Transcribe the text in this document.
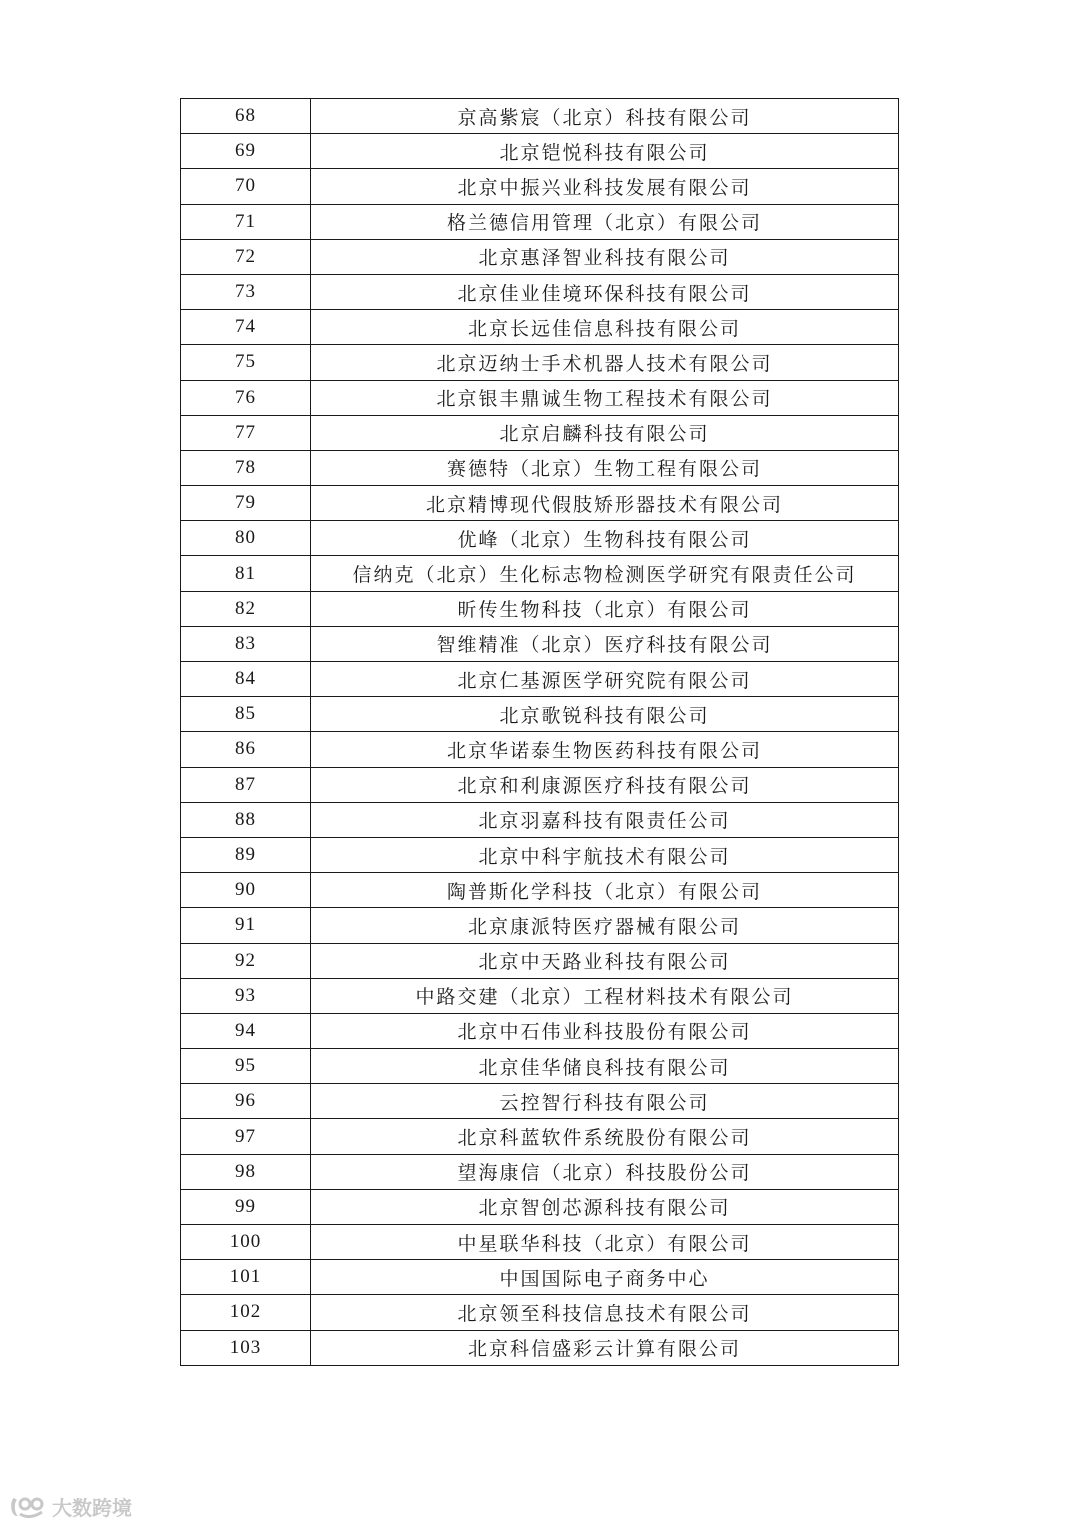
68	京高紫宸（北京）科技有限公司
69	北京铠悦科技有限公司
70	北京中振兴业科技发展有限公司
71	格兰德信用管理（北京）有限公司
72	北京惠泽智业科技有限公司
73	北京佳业佳境环保科技有限公司
74	北京长远佳信息科技有限公司
75	北京迈纳士手术机器人技术有限公司
76	北京银丰鼎诚生物工程技术有限公司
77	北京启麟科技有限公司
78	赛德特（北京）生物工程有限公司
79	北京精博现代假肢矫形器技术有限公司
80	优峰（北京）生物科技有限公司
81	信纳克（北京）生化标志物检测医学研究有限责任公司
82	昕传生物科技（北京）有限公司
83	智维精准（北京）医疗科技有限公司
84	北京仁基源医学研究院有限公司
85	北京歌锐科技有限公司
86	北京华诺泰生物医药科技有限公司
87	北京和利康源医疗科技有限公司
88	北京羽嘉科技有限责任公司
89	北京中科宇航技术有限公司
90	陶普斯化学科技（北京）有限公司
91	北京康派特医疗器械有限公司
92	北京中天路业科技有限公司
93	中路交建（北京）工程材料技术有限公司
94	北京中石伟业科技股份有限公司
95	北京佳华储良科技有限公司
96	云控智行科技有限公司
97	北京科蓝软件系统股份有限公司
98	望海康信（北京）科技股份公司
99	北京智创芯源科技有限公司
100	中星联华科技（北京）有限公司
101	中国国际电子商务中心
102	北京领至科技信息技术有限公司
103	北京科信盛彩云计算有限公司
大数跨境
